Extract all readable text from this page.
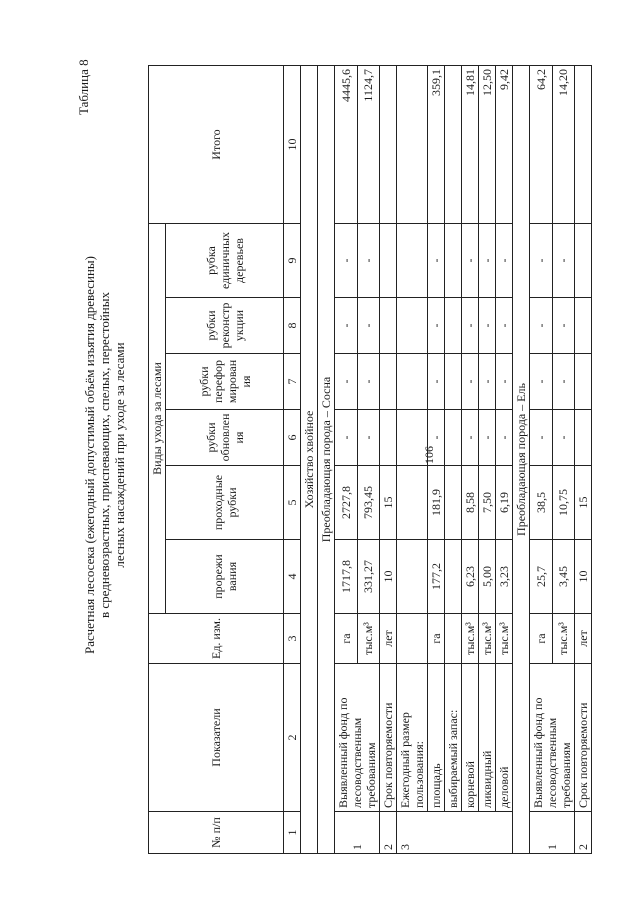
106
Таблица 8
Расчетная лесосека (ежегодный допустимый объём изъятия древесины) в средневозрастных, приспевающих, спелых, перестойных лесных насаждений при уходе за лесами
№ п/п	Показатели	Ед. изм.	Виды ухода за лесами						Итого
			прорежи вания	проходные рубки	рубки обновлен ия	рубки перефор мирован ия	рубки реконстр укции	рубка единичных деревьев	
1	2	3	4	5	6	7	8	9	10
Хозяйство хвойное									
Преобладающая порода – Сосна									
1	Выявленный фонд по лесоводственным требованиям	га	1717,8	2727,8	-	-	-	-	4445,6
		тыс.м³	331,27	793,45	-	-	-	-	1124,7
2	Срок повторяемости	лет	10	15					
3	Ежегодный размер пользования:								
	площадь	га	177,2	181,9	-	-	-	-	359,1
	выбираемый запас:								
	корневой	тыс.м³	6,23	8,58	-	-	-	-	14,81
	ликвидный	тыс.м³	5,00	7,50	-	-	-	-	12,50
	деловой	тыс.м³	3,23	6,19	-	-	-	-	9,42
Преобладающая порода – Ель									
1	Выявленный фонд по лесоводственным требованиям	га	25,7	38,5	-	-	-	-	64,2
		тыс.м³	3,45	10,75	-	-	-	-	14,20
2	Срок повторяемости	лет	10	15					
